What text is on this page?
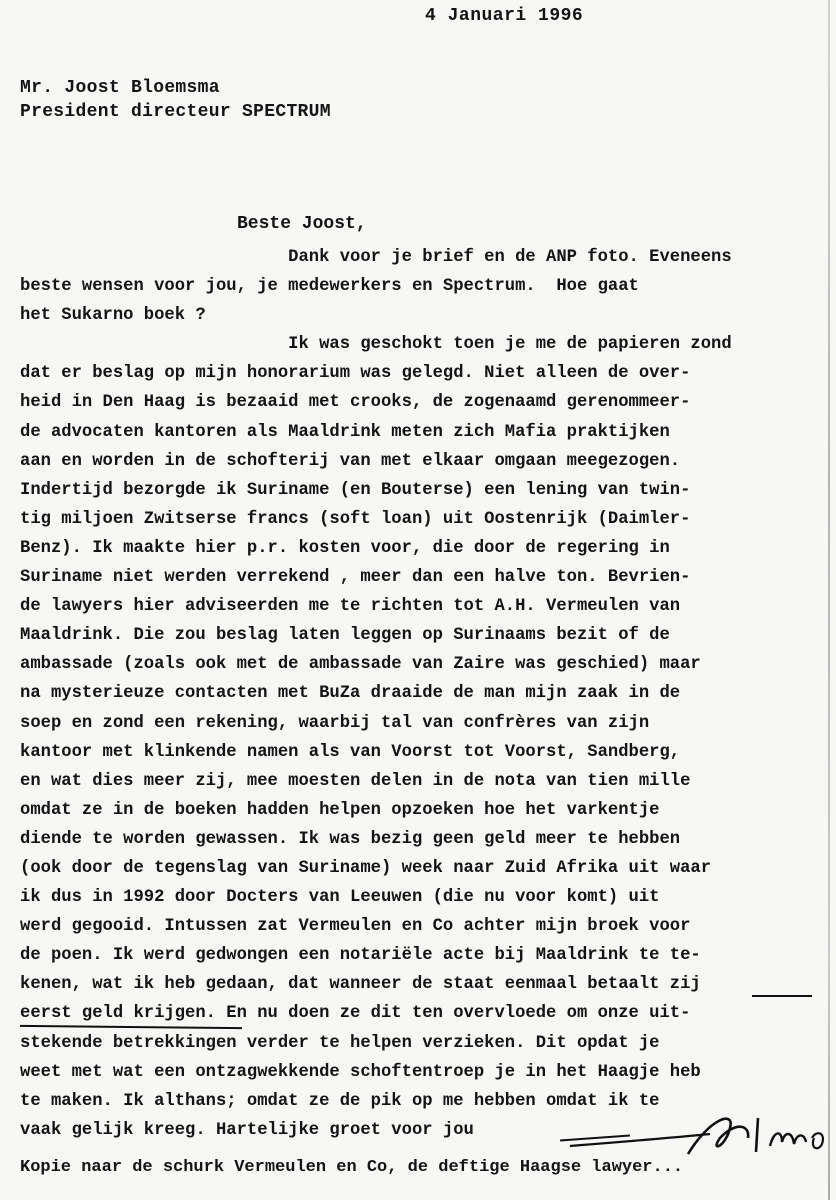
4 Januari 1996
Mr. Joost Bloemsma
President directeur SPECTRUM
Beste Joost,
Dank voor je brief en de ANP foto. Eveneens
beste wensen voor jou, je medewerkers en Spectrum.  Hoe gaat
het Sukarno boek ?
Ik was geschokt toen je me de papieren zond
dat er beslag op mijn honorarium was gelegd. Niet alleen de over-
heid in Den Haag is bezaaid met crooks, de zogenaamd gerenommeer-
de advocaten kantoren als Maaldrink meten zich Mafia praktijken
aan en worden in de schofterij van met elkaar omgaan meegezogen.
Indertijd bezorgde ik Suriname (en Bouterse) een lening van twin-
tig miljoen Zwitserse francs (soft loan) uit Oostenrijk (Daimler-
Benz). Ik maakte hier p.r. kosten voor, die door de regering in
Suriname niet werden verrekend , meer dan een halve ton. Bevrien-
de lawyers hier adviseerden me te richten tot A.H. Vermeulen van
Maaldrink. Die zou beslag laten leggen op Surinaams bezit of de
ambassade (zoals ook met de ambassade van Zaire was geschied) maar
na mysterieuze contacten met BuZa draaide de man mijn zaak in de
soep en zond een rekening, waarbij tal van confrères van zijn
kantoor met klinkende namen als van Voorst tot Voorst, Sandberg,
en wat dies meer zij, mee moesten delen in de nota van tien mille
omdat ze in de boeken hadden helpen opzoeken hoe het varkentje
diende te worden gewassen. Ik was bezig geen geld meer te hebben
(ook door de tegenslag van Suriname) week naar Zuid Afrika uit waar
ik dus in 1992 door Docters van Leeuwen (die nu voor komt) uit
werd gegooid. Intussen zat Vermeulen en Co achter mijn broek voor
de poen. Ik werd gedwongen een notariële acte bij Maaldrink te te-
kenen, wat ik heb gedaan, dat wanneer de staat eenmaal betaalt zij
eerst geld krijgen. En nu doen ze dit ten overvloede om onze uit-
stekende betrekkingen verder te helpen verzieken. Dit opdat je
weet met wat een ontzagwekkende schoftentroep je in het Haagje heb
te maken. Ik althans; omdat ze de pik op me hebben omdat ik te
vaak gelijk kreeg. Hartelijke groet voor jou
Kopie naar de schurk Vermeulen en Co, de deftige Haagse lawyer...
